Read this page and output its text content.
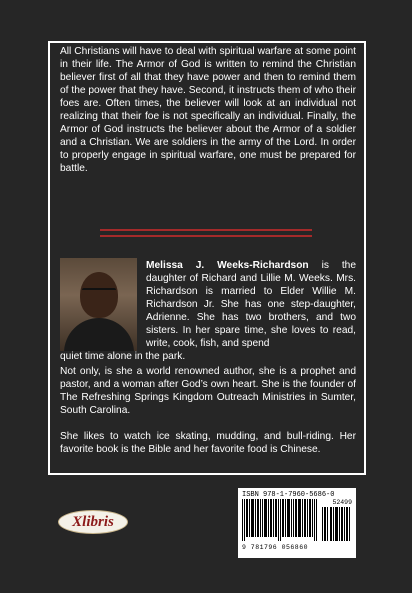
All Christians will have to deal with spiritual warfare at some point in their life. The Armor of God is written to remind the Christian believer first of all that they have power and then to remind them of the power that they have. Second, it instructs them of who their foes are. Often times, the believer will look at an individual not realizing that their foe is not specifically an individual. Finally, the Armor of God instructs the believer about the Armor of a soldier and a Christian. We are soldiers in the army of the Lord. In order to properly engage in spiritual warfare, one must be prepared for battle.

Melissa J. Weeks-Richardson is the daughter of Richard and Lillie M. Weeks. Mrs. Richardson is married to Elder Willie M. Richardson Jr. She has one step-daughter, Adrienne. She has two brothers, and two sisters. In her spare time, she loves to read, write, cook, fish, and spend

quiet time alone in the park.

Not only, is she a world renowned author, she is a prophet and pastor, and a woman after God’s own heart. She is the founder of The Refreshing Springs Kingdom Outreach Ministries in Sumter, South Carolina.

She likes to watch ice skating, mudding, and bull-riding. Her favorite book is the Bible and her favorite food is Chinese.

Xlibris
ISBN 978-1-7960-5686-0
52499
9 781796 056860
